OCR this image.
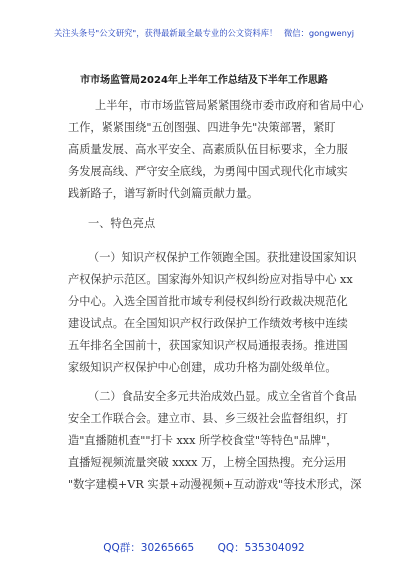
关注头条号"公文研究"，获得最新最全最专业的公文资料库！ 微信：gongwenyj
市市场监管局2024年上半年工作总结及下半年工作思路
上半年，市市场监管局紧紧围绕市委市政府和省局中心
工作，紧紧围绕"五创图强、四进争先"决策部署，紧盯
高质量发展、高水平安全、高素质队伍目标要求，全力服
务发展高线、严守安全底线，为勇闯中国式现代化市域实
践新路子，谱写新时代剑篇贡献力量。
一、特色亮点
（一）知识产权保护工作领跑全国。获批建设国家知识
产权保护示范区。国家海外知识产权纠纷应对指导中心 xx
分中心。入选全国首批市域专利侵权纠纷行政裁决规范化
建设试点。在全国知识产权行政保护工作绩效考核中连续
五年排名全国前十，获国家知识产权局通报表扬。推进国
家级知识产权保护中心创建，成功升格为副处级单位。
（二）食品安全多元共治成效凸显。成立全省首个食品
安全工作联合会。建立市、县、乡三级社会监督组织，打
造"直播随机查""打卡 xxx 所学校食堂"等特色"品牌"，
直播短视频流量突破 xxxx 万，上榜全国热搜。充分运用
"数字建模+VR 实景+动漫视频+互动游戏"等技术形式，深
QQ群：30265665 QQ：535304092
